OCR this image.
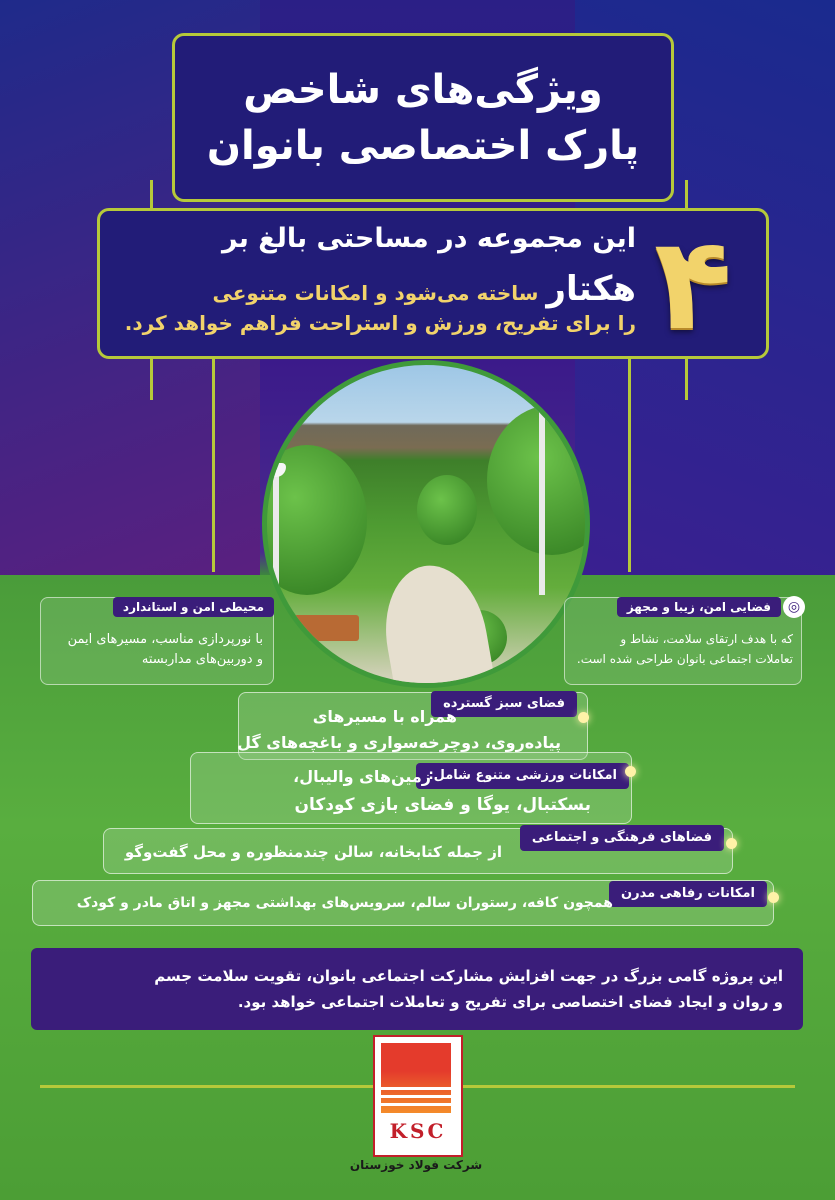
ویژگی‌های شاخص
پارک اختصاصی بانوان
۴
این مجموعه در مساحتی بالغ بر
هکتارساخته می‌شود و امکانات متنوعی
را برای تفریح، ورزش و استراحت فراهم خواهد کرد.
محیطی امن و استاندارد
با نورپردازی مناسب، مسیرهای ایمن
و دوربین‌های مداربسته
◎
فضایی امن، زیبا و مجهز
که با هدف ارتقای سلامت، نشاط و
تعاملات اجتماعی بانوان طراحی شده است.
فضای سبز گسترده
همراه با مسیرهای
پیاده‌روی، دوچرخه‌سواری و باغچه‌های گل
امکانات ورزشی متنوع شامل:
زمین‌های والیبال،
بسکتبال، یوگا و فضای بازی کودکان
فضاهای فرهنگی و اجتماعی
از جمله کتابخانه، سالن چندمنظوره و محل گفت‌وگو
امکانات رفاهی مدرن
همچون کافه، رستوران سالم، سرویس‌های بهداشتی مجهز و اتاق مادر و کودک
این پروژه گامی بزرگ در جهت افزایش مشارکت اجتماعی بانوان، تقویت سلامت جسم
و روان و ایجاد فضای اختصاصی برای تفریح و تعاملات اجتماعی خواهد بود.
KSC
شرکت فولاد خوزستان
